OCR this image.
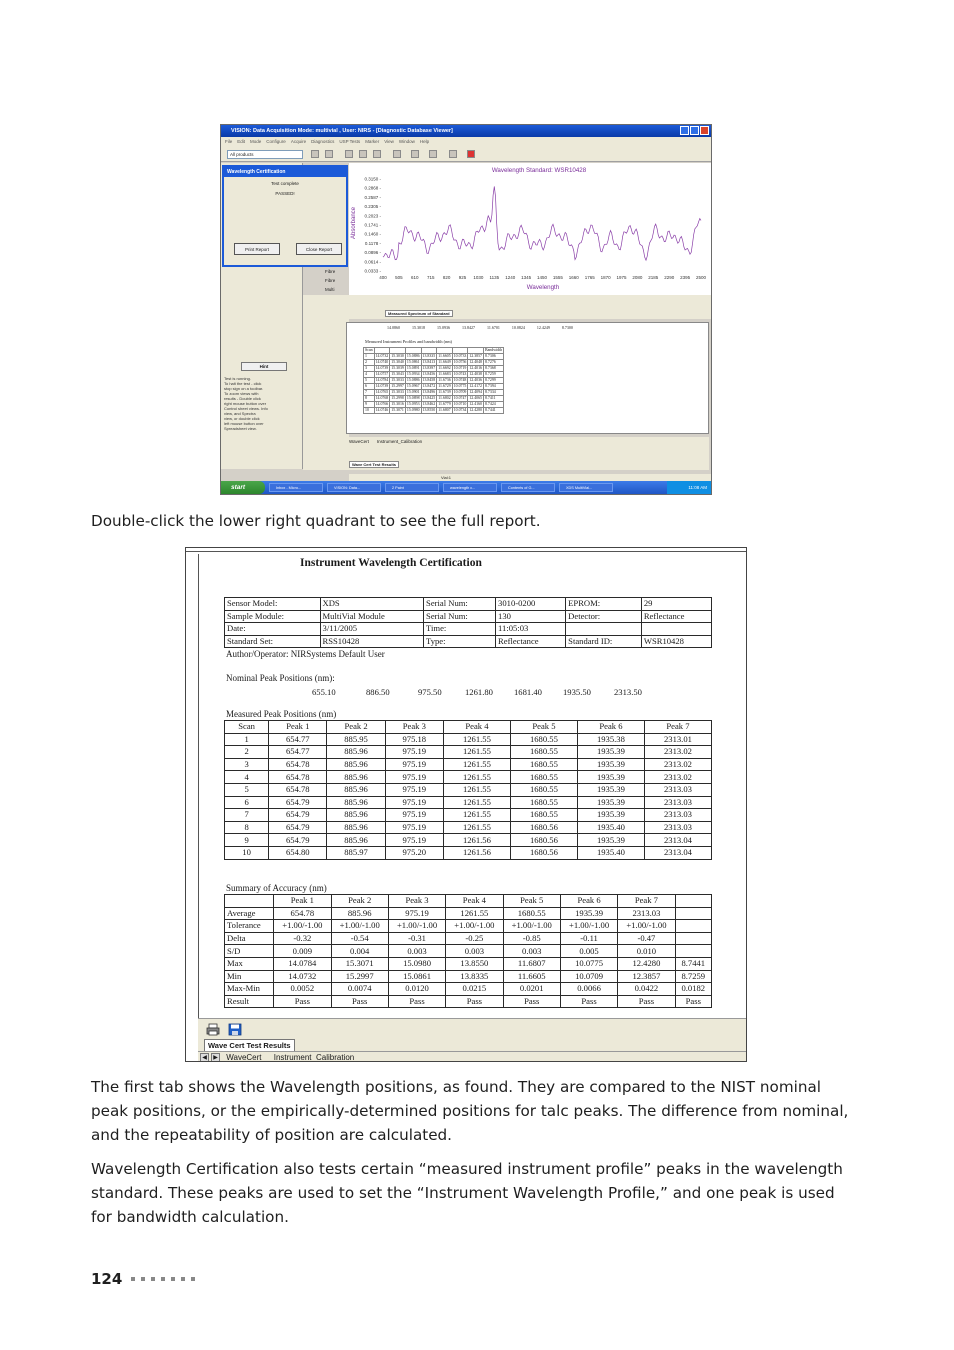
VISION: Data Acquisition Mode: multivial , User: NIRS - [Diagnostic Database Viewer]
File Edit Mode Configure Acquire Diagnostics USP Tests Marker View Window Help
All products
Fibre
Fibre
Multi
Wavelength Certification
Test complete
PASSED!
Print Report	Close Report
Hint
Test is running.
To halt the test - click
stop sign on a toolbar.
To zoom views with
results - Double click
right mouse button over
Control sheet views. Info
view, and Spectra
view, or double click
left mouse button over
Spreadsheet view.
Wavelength Standard: WSR10428
Wavelength
Absorbance
0.3150 -
0.2868 -
0.2587 -
0.2305 -
0.2023 -
0.1741 -
0.1460 -
0.1178 -
0.0896 -
0.0614 -
0.0333 -
400 505 610 715 820 925 1030 1135 1240 1345 1450 1555 1660 1765 1870 1975 2080 2185 2290 2395 2500
Measured Spectrum of Standard
14.0860	15.3018	15.0936	13.8427	11.6701	10.0824	12.4249	8.7300
Measured Instrument Profiles and bandwidth (nm)
Scan								Bandwidth
1	14.0732	15.3030	15.0886	13.8335	11.6605	10.0733	12.3857	8.7306
2	14.0740	15.3040	15.0861	13.8413	11.6649	10.0756	12.4048	8.7276
3	14.0739	15.3039	15.0891	13.8397	11.6692	10.0719	12.4016	8.7368
4	14.0757	15.3043	15.0934	13.8456	11.6683	10.0743	12.4038	8.7259
5	14.0784	15.3033	15.0886	13.8458	11.6736	10.0748	12.4036	8.7299
6	14.0739	15.2997	15.0967	13.8472	11.6729	10.0775	12.4172	8.7394
7	14.0765	15.3033	15.0901	13.8496	11.6739	10.0709	12.4094	8.7334
8	14.0768	15.2998	15.0898	13.8425	11.6802	10.0747	12.4065	8.7411
9	14.0766	15.3016	15.0953	13.8462	11.6779	10.0710	12.4160	8.7424
10	14.0746	15.3071	15.0980	13.8550	11.6807	10.0734	12.4280	8.7441
WaveCert Instrument_Calibration
Wave Cert Test Results
Vial:1
start	Inbox - Micro...	VISION: Data...	2 Paint	wavelength c...	Contents of G...	XDS MultiVial...	11:08 AM
Double-click the lower right quadrant to see the full report.
Instrument Wavelength Certification
Sensor Model:	XDS	Serial Num:	3010-0200	EPROM:	29
Sample Module:	MultiVial Module	Serial Num:	130	Detector:	Reflectance
Date:	3/11/2005	Time:	11:05:03		
Standard Set:	RSS10428	Type:	Reflectance	Standard ID:	WSR10428
Author/Operator: NIRSystems Default User
Nominal Peak Positions (nm):
655.10	886.50	975.50	1261.80 1681.40 1935.50	2313.50
Measured Peak Positions (nm)
Scan	Peak 1	Peak 2	Peak 3	Peak 4	Peak 5	Peak 6	Peak 7
1	654.77	885.95	975.18	1261.55	1680.55	1935.38	2313.01
2	654.77	885.96	975.19	1261.55	1680.55	1935.39	2313.02
3	654.78	885.96	975.19	1261.55	1680.55	1935.39	2313.02
4	654.78	885.96	975.19	1261.55	1680.55	1935.39	2313.02
5	654.78	885.96	975.19	1261.55	1680.55	1935.39	2313.03
6	654.79	885.96	975.19	1261.55	1680.55	1935.39	2313.03
7	654.79	885.96	975.19	1261.55	1680.55	1935.39	2313.03
8	654.79	885.96	975.19	1261.55	1680.56	1935.40	2313.03
9	654.79	885.96	975.19	1261.56	1680.56	1935.39	2313.04
10	654.80	885.97	975.20	1261.56	1680.56	1935.40	2313.04
Summary of Accuracy (nm)
	Peak 1	Peak 2	Peak 3	Peak 4	Peak 5	Peak 6	Peak 7	
Average	654.78	885.96	975.19	1261.55	1680.55	1935.39	2313.03	
Tolerance	+1.00/-1.00	+1.00/-1.00	+1.00/-1.00	+1.00/-1.00	+1.00/-1.00	+1.00/-1.00	+1.00/-1.00	
Delta	-0.32	-0.54	-0.31	-0.25	-0.85	-0.11	-0.47	
S/D	0.009	0.004	0.003	0.003	0.003	0.005	0.010	
Max	14.0784	15.3071	15.0980	13.8550	11.6807	10.0775	12.4280	8.7441
Min	14.0732	15.2997	15.0861	13.8335	11.6605	10.0709	12.3857	8.7259
Max-Min	0.0052	0.0074	0.0120	0.0215	0.0201	0.0066	0.0422	0.0182
Result	Pass	Pass	Pass	Pass	Pass	Pass	Pass	Pass
Wave Cert Test Results
◀ ▶ WaveCert Instrument_Calibration
The first tab shows the Wavelength positions, as found. They are compared to the NIST nominal peak positions, or the empirically-determined positions for talc peaks. The difference from nominal, and the repeatability of position are calculated.
Wavelength Certification also tests certain “measured instrument profile” peaks in the wavelength standard. These peaks are used to set the “Instrument Wavelength Profile,” and one peak is used for bandwidth calculation.
124
